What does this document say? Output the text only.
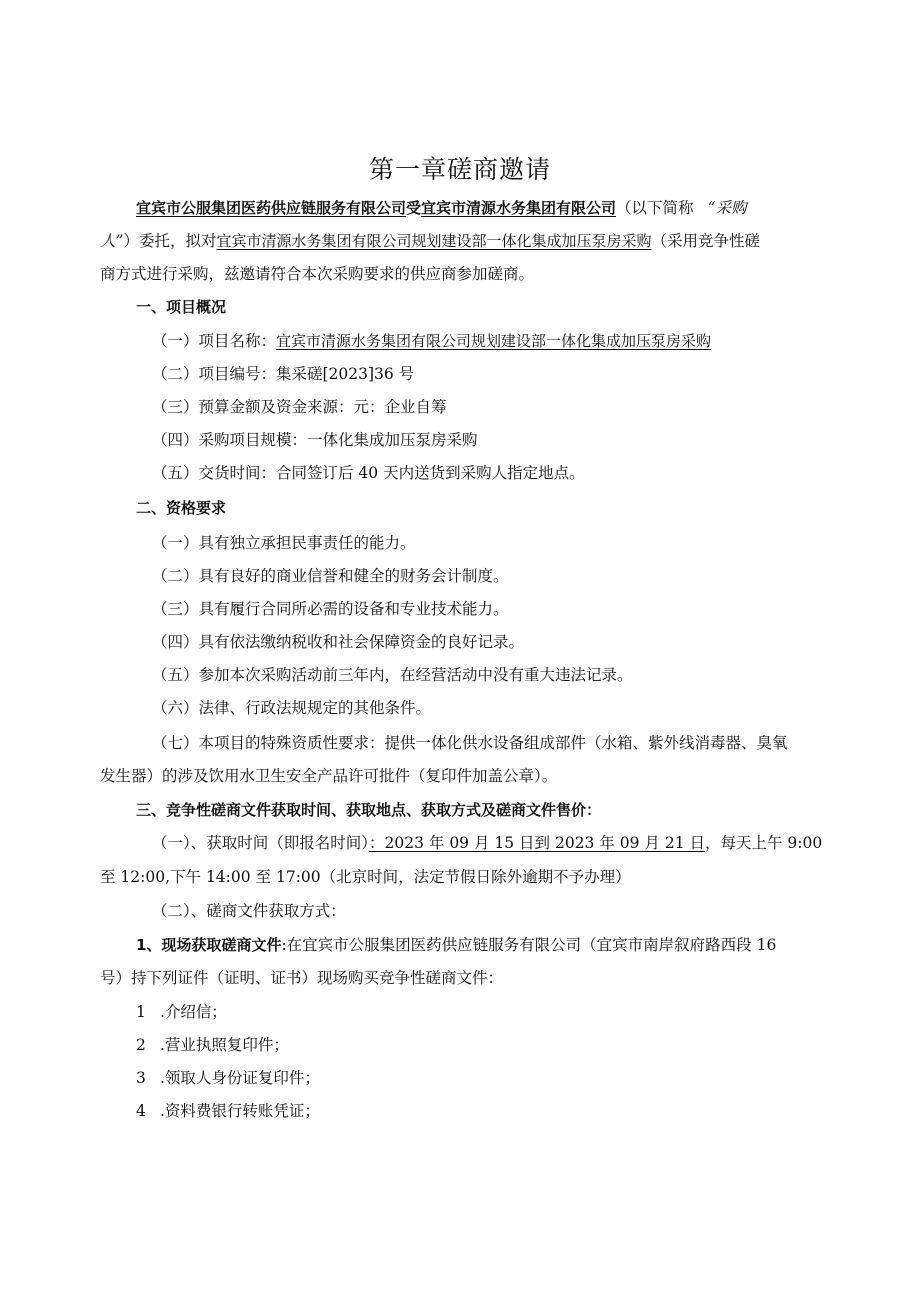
第一章磋商邀请
宜宾市公服集团医药供应链服务有限公司受宜宾市清源水务集团有限公司（以下简称 “采购
人”）委托，拟对宜宾市清源水务集团有限公司规划建设部一体化集成加压泵房采购（采用竞争性磋
商方式进行采购，兹邀请符合本次采购要求的供应商参加磋商。
一、项目概况
（一）项目名称：宜宾市清源水务集团有限公司规划建设部一体化集成加压泵房采购
（二）项目编号：集采磋[2023]36 号
（三）预算金额及资金来源：元：企业自筹
（四）采购项目规模：一体化集成加压泵房采购
（五）交货时间：合同签订后 40 天内送货到采购人指定地点。
二、资格要求
（一）具有独立承担民事责任的能力。
（二）具有良好的商业信誉和健全的财务会计制度。
（三）具有履行合同所必需的设备和专业技术能力。
（四）具有依法缴纳税收和社会保障资金的良好记录。
（五）参加本次采购活动前三年内，在经营活动中没有重大违法记录。
（六）法律、行政法规规定的其他条件。
（七）本项目的特殊资质性要求：提供一体化供水设备组成部件（水箱、紫外线消毒器、臭氧
发生器）的涉及饮用水卫生安全产品许可批件（复印件加盖公章）。
三、竞争性磋商文件获取时间、获取地点、获取方式及磋商文件售价：
（一）、获取时间（即报名时间）：2023 年 09 月 15 日到 2023 年 09 月 21 日，每天上午 9:00
至 12:00,下午 14:00 至 17:00（北京时间，法定节假日除外逾期不予办理）
（二）、磋商文件获取方式：
1、现场获取磋商文件:在宜宾市公服集团医药供应链服务有限公司（宜宾市南岸叙府路西段 16
号）持下列证件（证明、证书）现场购买竞争性磋商文件：
1 .介绍信；
2 .营业执照复印件；
3 .领取人身份证复印件；
4 .资料费银行转账凭证；
